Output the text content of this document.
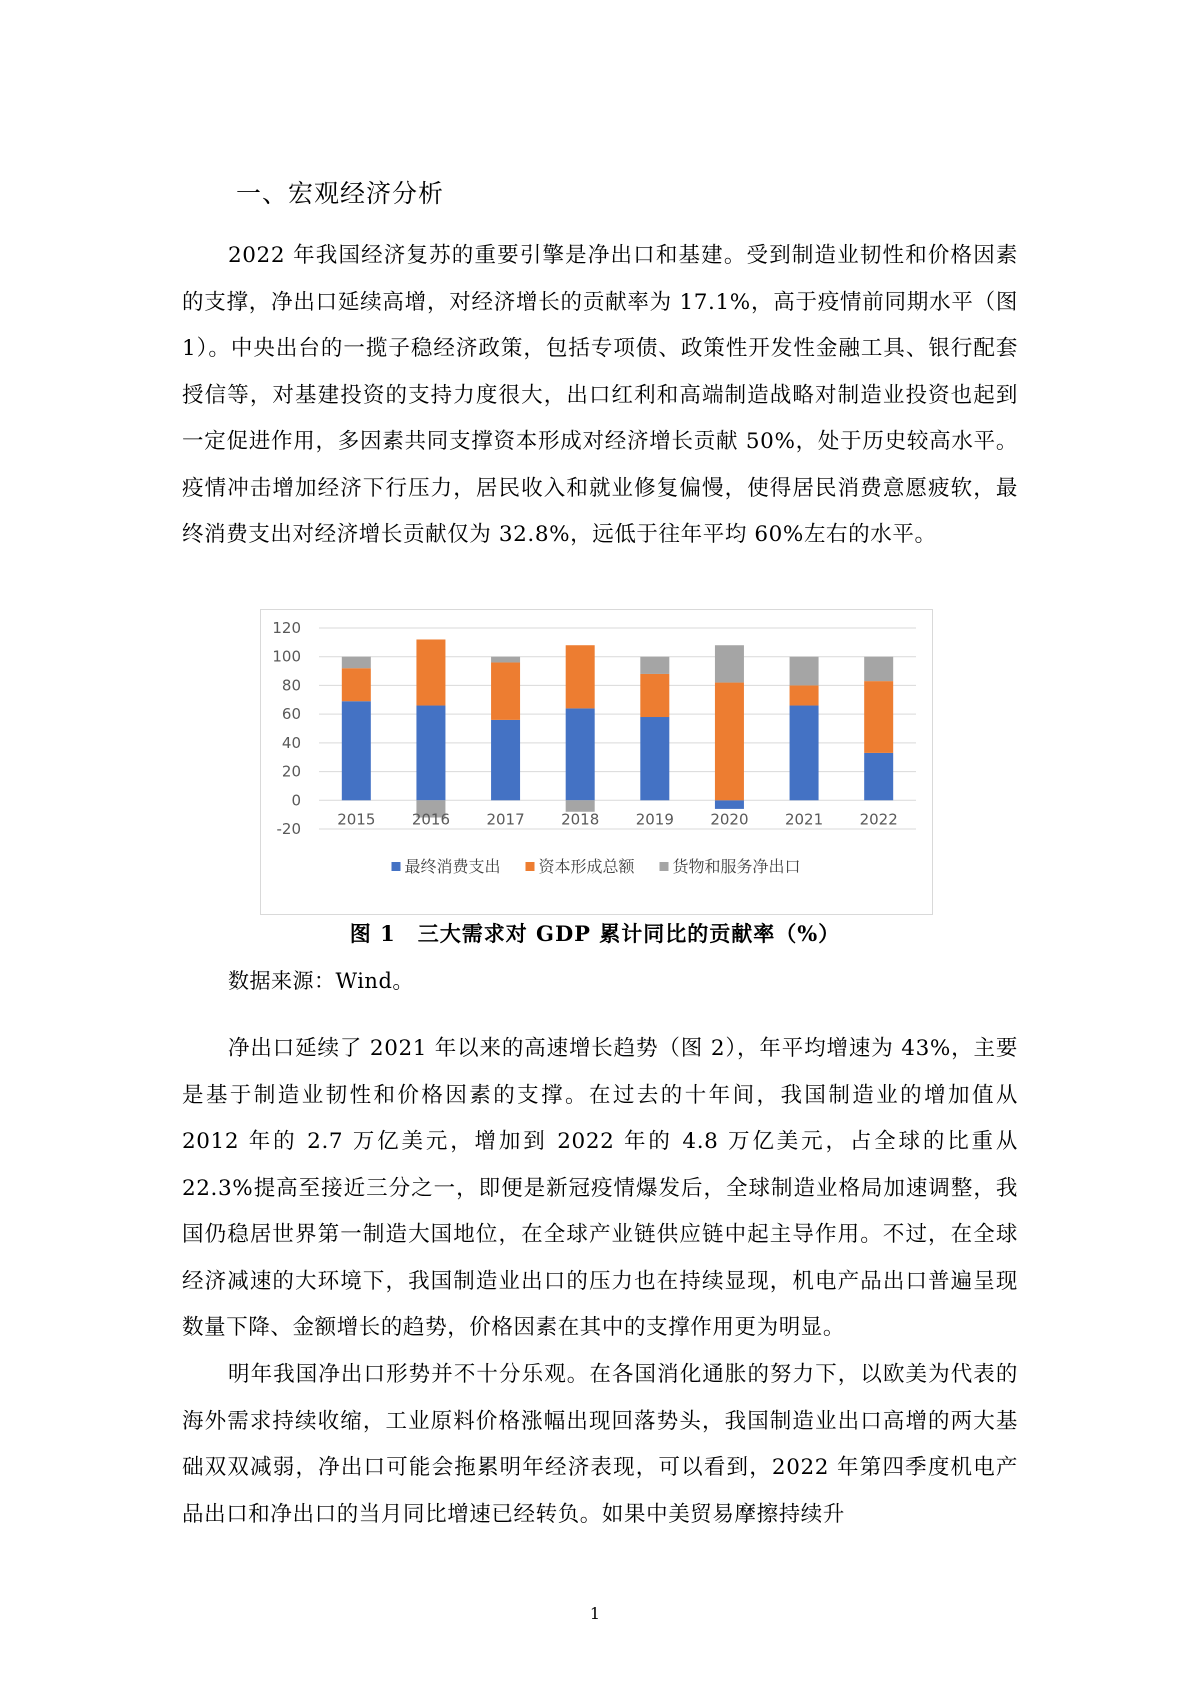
一、宏观经济分析

2022 年我国经济复苏的重要引擎是净出口和基建。受到制造业韧性和价格因素的支撑，净出口延续高增，对经济增长的贡献率为 17.1%，高于疫情前同期水平（图 1）。中央出台的一揽子稳经济政策，包括专项债、政策性开发性金融工具、银行配套授信等，对基建投资的支持力度很大，出口红利和高端制造战略对制造业投资也起到一定促进作用，多因素共同支撑资本形成对经济增长贡献 50%，处于历史较高水平。疫情冲击增加经济下行压力，居民收入和就业修复偏慢，使得居民消费意愿疲软，最终消费支出对经济增长贡献仅为 32.8%，远低于往年平均 60%左右的水平。

120
100
80
60
40
20
0
-20
2015 2016 2017 2018 2019 2020 2021 2022
最终消费支出 资本形成总额 货物和服务净出口

图 1　三大需求对 GDP 累计同比的贡献率（%）

数据来源：Wind。

净出口延续了 2021 年以来的高速增长趋势（图 2），年平均增速为 43%，主要是基于制造业韧性和价格因素的支撑。在过去的十年间，我国制造业的增加值从 2012 年的 2.7 万亿美元，增加到 2022 年的 4.8 万亿美元，占全球的比重从 22.3%提高至接近三分之一，即便是新冠疫情爆发后，全球制造业格局加速调整，我国仍稳居世界第一制造大国地位，在全球产业链供应链中起主导作用。不过，在全球经济减速的大环境下，我国制造业出口的压力也在持续显现，机电产品出口普遍呈现数量下降、金额增长的趋势，价格因素在其中的支撑作用更为明显。

明年我国净出口形势并不十分乐观。在各国消化通胀的努力下，以欧美为代表的海外需求持续收缩，工业原料价格涨幅出现回落势头，我国制造业出口高增的两大基础双双减弱，净出口可能会拖累明年经济表现，可以看到，2022 年第四季度机电产品出口和净出口的当月同比增速已经转负。如果中美贸易摩擦持续升

1
